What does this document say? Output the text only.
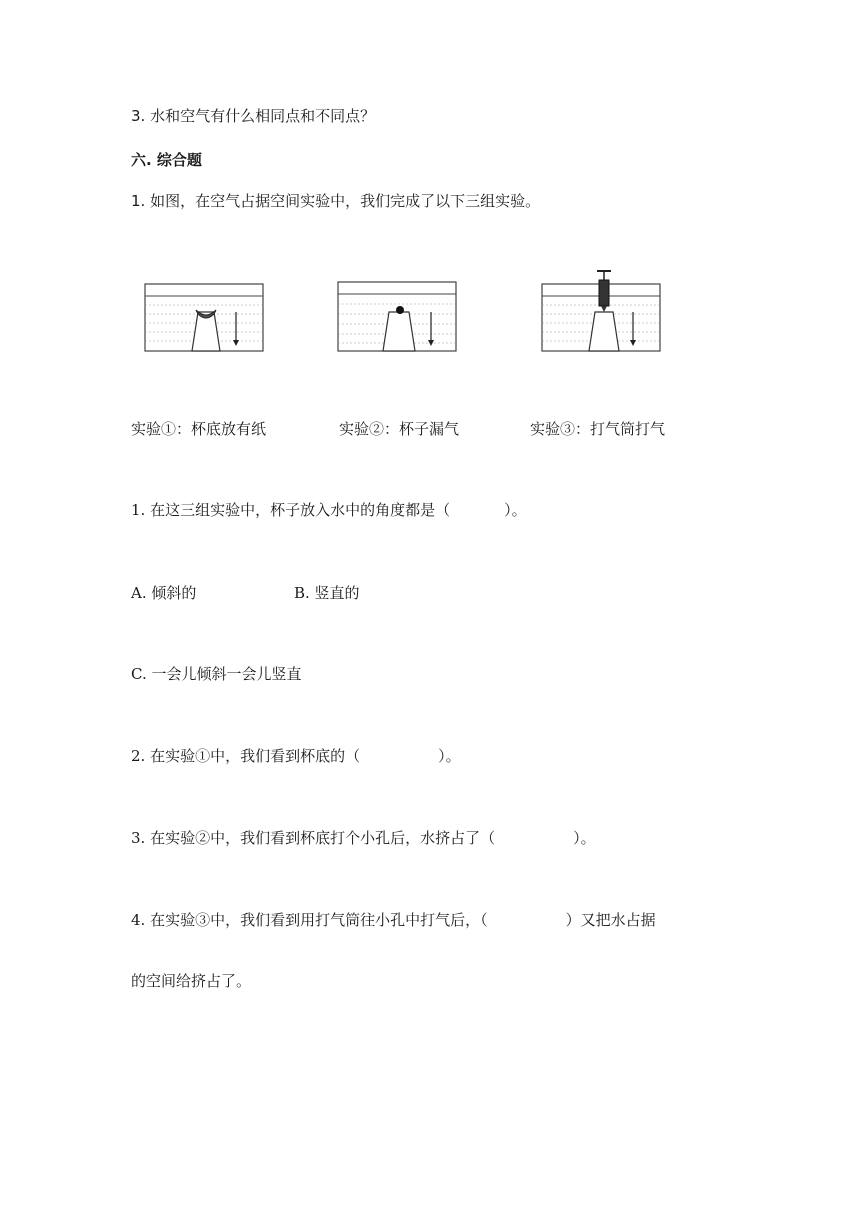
3. 水和空气有什么相同点和不同点？
六. 综合题
1. 如图，在空气占据空间实验中，我们完成了以下三组实验。
实验①：杯底放有纸	实验②：杯子漏气	实验③：打气筒打气
1. 在这三组实验中，杯子放入水中的角度都是（	）。
A. 倾斜的	B. 竖直的
C. 一会儿倾斜一会儿竖直
2. 在实验①中，我们看到杯底的（	）。
3. 在实验②中，我们看到杯底打个小孔后，水挤占了（	）。
4. 在实验③中，我们看到用打气筒往小孔中打气后，（	）又把水占据
的空间给挤占了。
